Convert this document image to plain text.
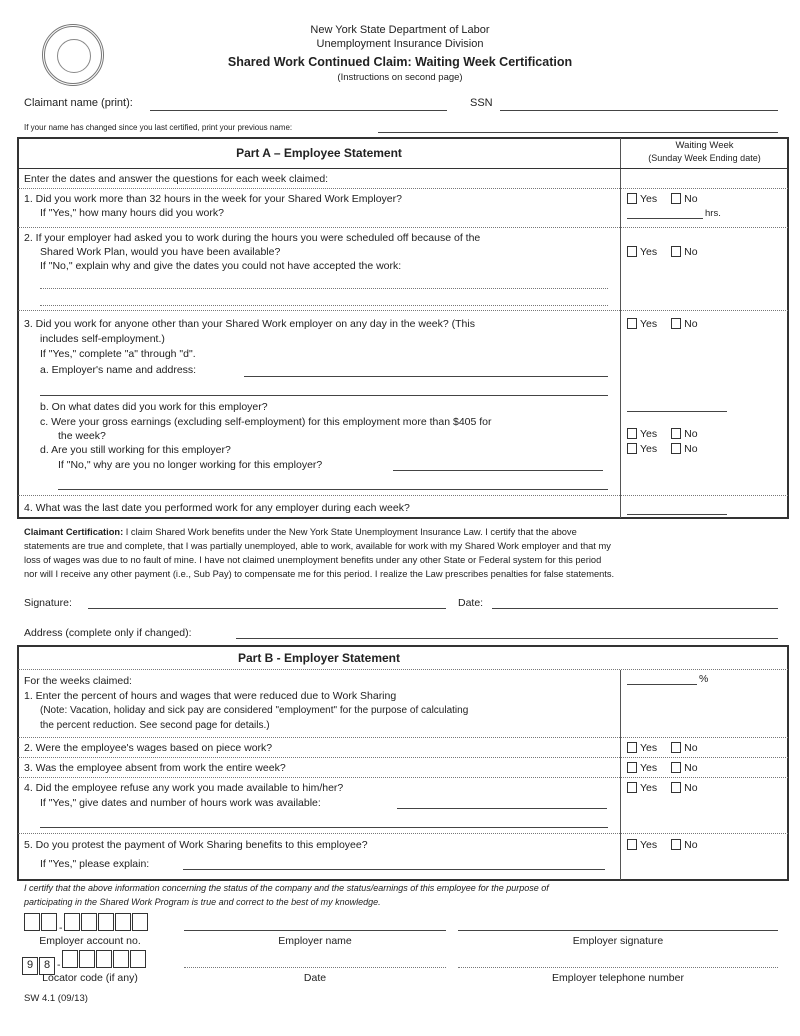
New York State Department of Labor
Unemployment Insurance Division
Shared Work Continued Claim: Waiting Week Certification
(Instructions on second page)
Claimant name (print):	SSN
If your name has changed since you last certified, print your previous name:
Part A – Employee Statement
Waiting Week
(Sunday Week Ending date)
Enter the dates and answer the questions for each week claimed:
1. Did you work more than 32 hours in the week for your Shared Work Employer?
If "Yes," how many hours did you work?
Yes	No
hrs.
2. If your employer had asked you to work during the hours you were scheduled off because of the
Shared Work Plan, would you have been available?
If "No," explain why and give the dates you could not have accepted the work:
Yes	No
3. Did you work for anyone other than your Shared Work employer on any day in the week? (This
includes self-employment.)
If "Yes," complete "a" through "d".
Yes	No
a. Employer's name and address:
b. On what dates did you work for this employer?
c. Were your gross earnings (excluding self-employment) for this employment more than $405 for
the week?	Yes	No
d. Are you still working for this employer?	Yes	No
If "No," why are you no longer working for this employer?
4. What was the last date you performed work for any employer during each week?
Claimant Certification: I claim Shared Work benefits under the New York State Unemployment Insurance Law. I certify that the above
statements are true and complete, that I was partially unemployed, able to work, available for work with my Shared Work employer and that my
loss of wages was due to no fault of mine. I have not claimed unemployment benefits under any other State or Federal system for this period
nor will I receive any other payment (i.e., Sub Pay) to compensate me for this period. I realize the Law prescribes penalties for false statements.
Signature:	Date:
Address (complete only if changed):
Part B - Employer Statement
For the weeks claimed:
1. Enter the percent of hours and wages that were reduced due to Work Sharing
(Note: Vacation, holiday and sick pay are considered "employment" for the purpose of calculating
the percent reduction. See second page for details.)
%
2. Were the employee's wages based on piece work?	Yes	No
3. Was the employee absent from work the entire week?	Yes	No
4. Did the employee refuse any work you made available to him/her?	Yes	No
If "Yes," give dates and number of hours work was available:
5. Do you protest the payment of Work Sharing benefits to this employee?	Yes	No
If "Yes," please explain:
I certify that the above information concerning the status of the company and the status/earnings of this employee for the purpose of
participating in the Shared Work Program is true and correct to the best of my knowledge.
-
Employer account no.	Employer name	Employer signature
9 8 -
Locator code (if any)	Date	Employer telephone number
SW 4.1 (09/13)
